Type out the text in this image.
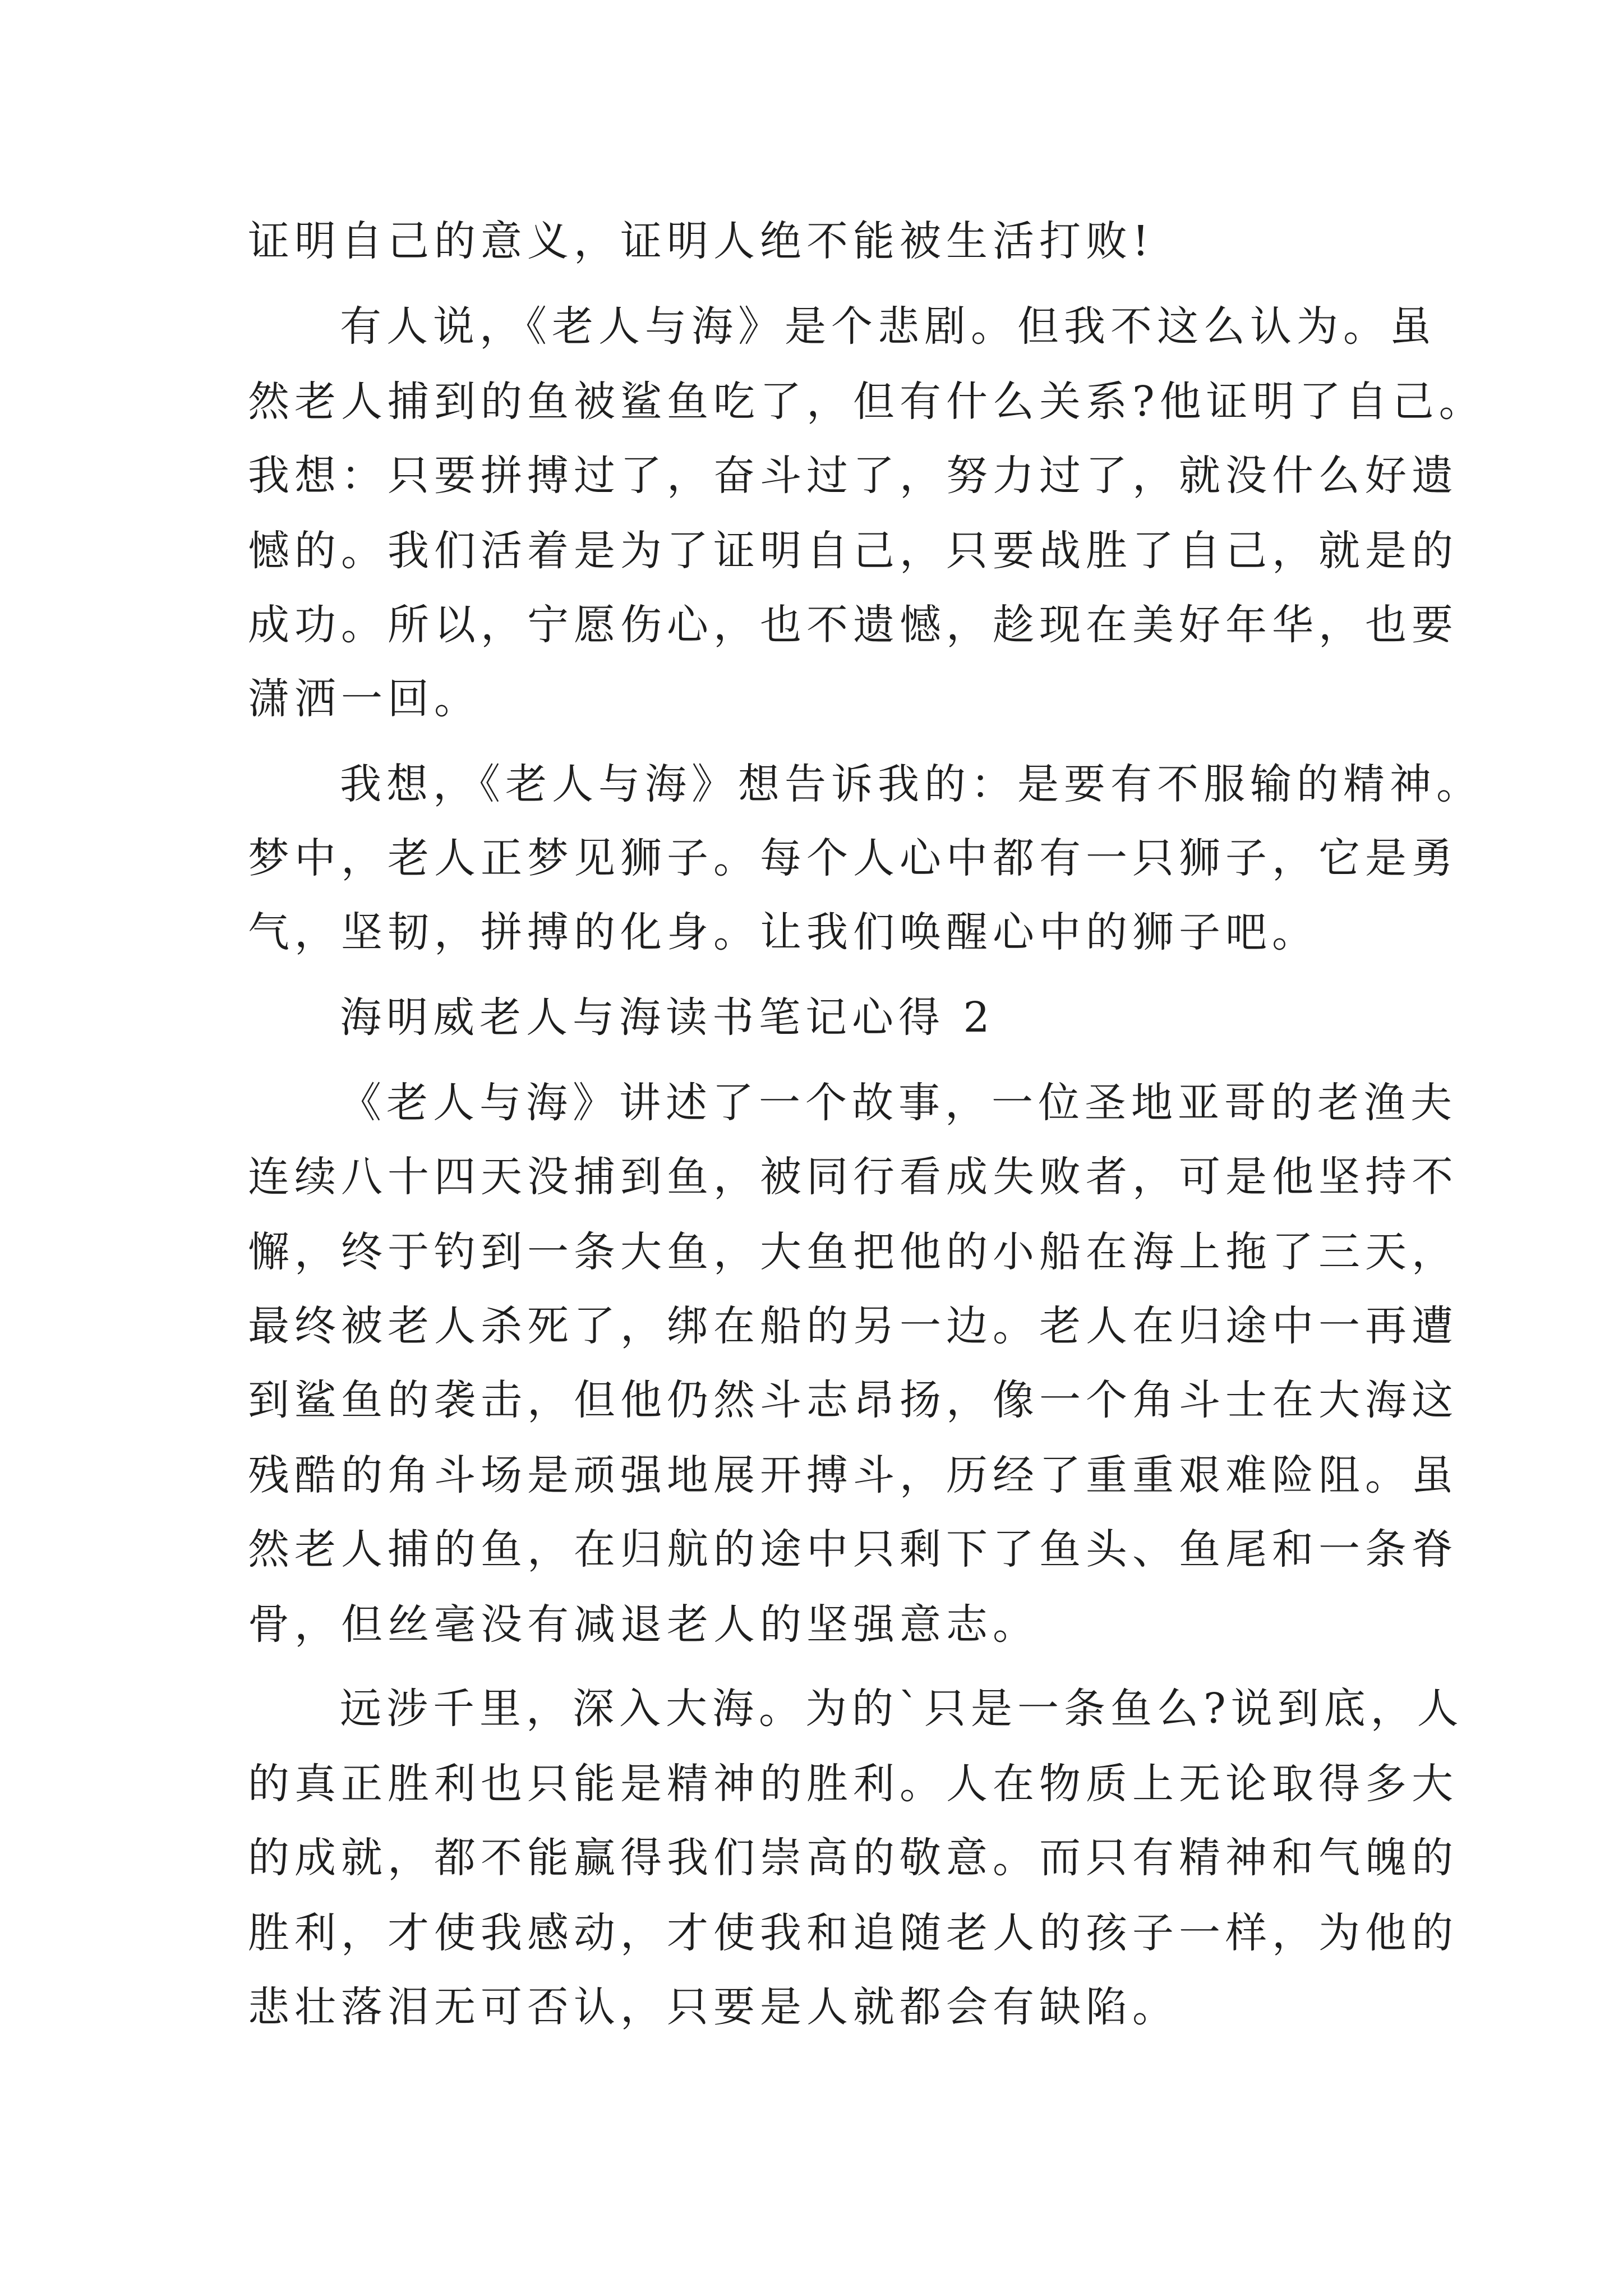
证明自己的意义，证明人绝不能被生活打败!
有人说，《老人与海》是个悲剧。但我不这么认为。虽
然老人捕到的鱼被鲨鱼吃了，但有什么关系?他证明了自己。
我想：只要拼搏过了，奋斗过了，努力过了，就没什么好遗
憾的。我们活着是为了证明自己，只要战胜了自己，就是的
成功。所以，宁愿伤心，也不遗憾，趁现在美好年华，也要
潇洒一回。
我想，《老人与海》想告诉我的：是要有不服输的精神。
梦中，老人正梦见狮子。每个人心中都有一只狮子，它是勇
气，坚韧，拼搏的化身。让我们唤醒心中的狮子吧。
海明威老人与海读书笔记心得 2
《老人与海》讲述了一个故事，一位圣地亚哥的老渔夫
连续八十四天没捕到鱼，被同行看成失败者，可是他坚持不
懈，终于钓到一条大鱼，大鱼把他的小船在海上拖了三天，
最终被老人杀死了，绑在船的另一边。老人在归途中一再遭
到鲨鱼的袭击，但他仍然斗志昂扬，像一个角斗士在大海这
残酷的角斗场是顽强地展开搏斗，历经了重重艰难险阻。虽
然老人捕的鱼，在归航的途中只剩下了鱼头、鱼尾和一条脊
骨，但丝毫没有减退老人的坚强意志。
远涉千里，深入大海。为的`只是一条鱼么?说到底，人
的真正胜利也只能是精神的胜利。人在物质上无论取得多大
的成就，都不能赢得我们崇高的敬意。而只有精神和气魄的
胜利，才使我感动，才使我和追随老人的孩子一样，为他的
悲壮落泪无可否认，只要是人就都会有缺陷。
